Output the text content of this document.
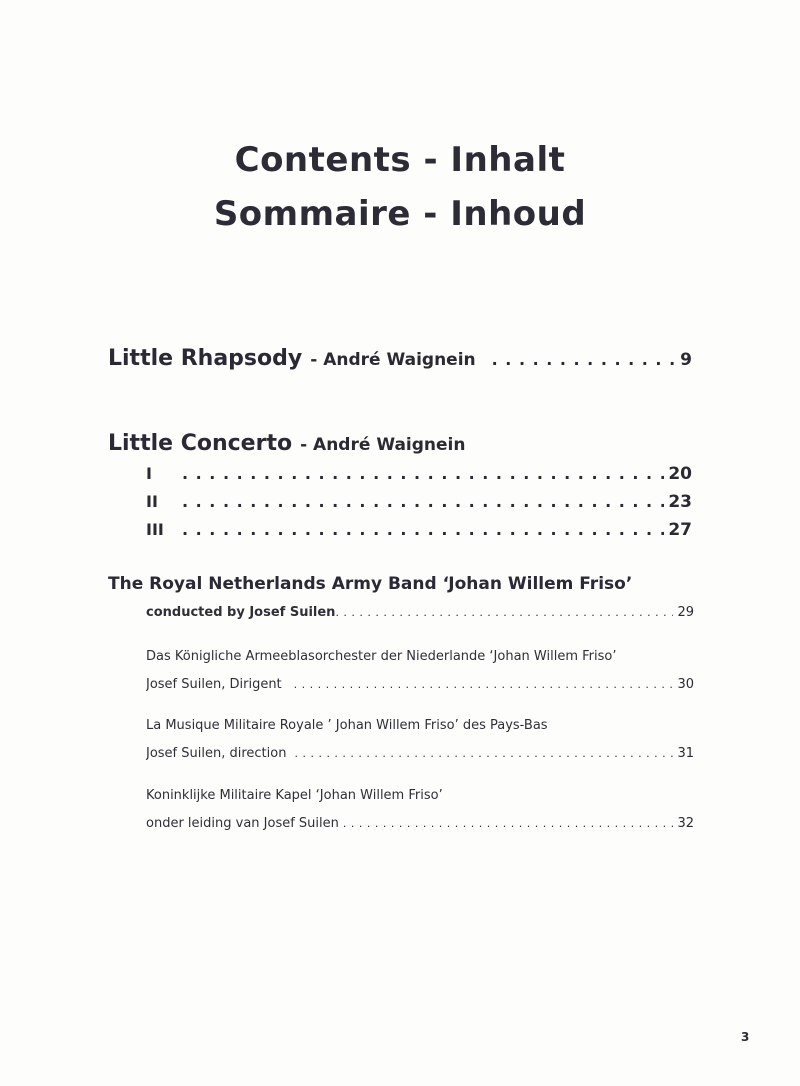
Contents - Inhalt
Sommaire - Inhoud
Little Rhapsody - André Waignein . . .	9
Little Concerto - André Waignein
I . . .	20
II . . .	23
III . . .	27
The Royal Netherlands Army Band ‘Johan Willem Friso’
conducted by Josef Suilen . . .	29
Das Königliche Armeeblasorchester der Niederlande ‘Johan Willem Friso’
Josef Suilen, Dirigent . . .	30
La Musique Militaire Royale ’ Johan Willem Friso’ des Pays-Bas
Josef Suilen, direction . . .	31
Koninklijke Militaire Kapel ‘Johan Willem Friso’
onder leiding van Josef Suilen . . .	32
3
